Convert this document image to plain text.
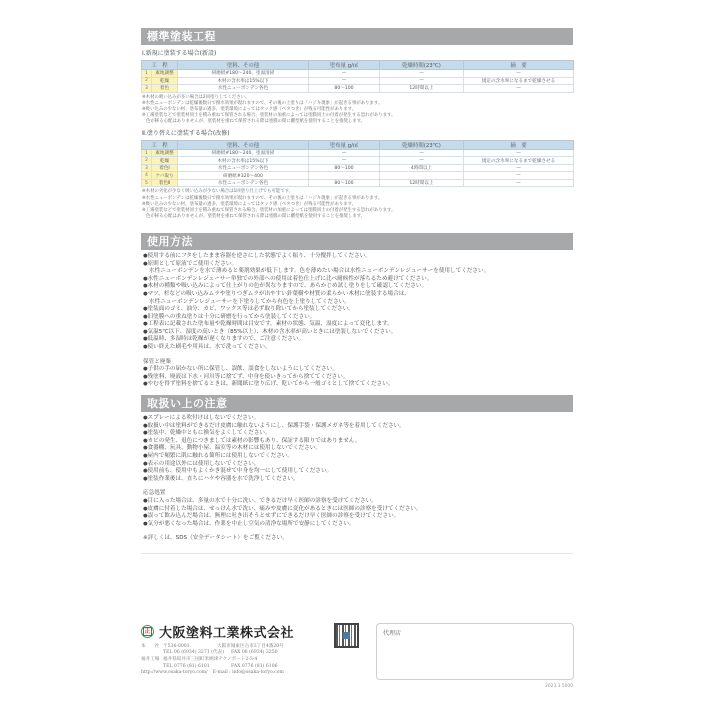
標準塗装工程
Ⅰ.新規に塗装する場合(新設)
工　程		塗料、その他	塗布量 g/㎡	乾燥時間(23℃)	摘　要
1	素地調整	研磨紙#180～240、塗面清掃	—	—	—
2	乾燥	木材の含水率は15%以下	—	—	規定の含水率になるまで乾燥させる
3	着色	水性ニューボンデン各色	80～100	12時間以上	—
※木材の吸い込みが多い場合は2回塗りしてください。
※水性ニューボンデンは乾燥後数日で撥水効果が現れますので、その後の上塗りは「ハジキ現象」が起きる事があります。
※吸い込みの少ない材、塗布量の過多、塗装環境によってはタック感（ベタつき）が残る可能性があります。
※工場塗装などで塗装材同士を積み重ねて保管される場合、塗装材の加重によっては塗膜同士の付着が発生する恐れがあります。
色が移る心配はありませんが、塗装材を重ねて保管される際は塗膜の間に離型紙を使用することを推奨します。
Ⅱ.塗り替えに塗装する場合(改修)
工　程		塗料、その他	塗布量 g/㎡	乾燥時間(23℃)	摘　要
1	素地調整	研磨紙#180～240、塗面清掃	—	—	—
2	乾燥	木材の含水率は15%以下	—	—	規定の含水率になるまで乾燥させる
3	着色Ⅰ	水性ニューボンデン各色	80～100	4時間以上	—
4	ケバ取り	研磨紙#320～400			—
5	着色Ⅱ	水性ニューボンデン各色	80～100	12時間以上	—
※木材の劣化が少なく吸い込みが少ない場合は1回塗り仕上げでも可能です。
※水性ニューボンデンは乾燥後数日で撥水効果が現れますので、その後の上塗りは「ハジキ現象」が起きる事があります。
※吸い込みの少ない材、塗布量の過多、塗装環境によってはタック感（ベタつき）が残る可能性があります。
※工場塗装などで塗装材同士を積み重ねて保管される場合、塗装材の加重によっては塗膜同士の付着が発生する恐れがあります。
色が移る心配はありませんが、塗装材を重ねて保管される際は塗膜の間に離型紙を使用することを推奨します。
使用方法
● 使用する前にフタをしたまま容器を逆さにした状態でよく振り、十分攪拌してください。
● 原則として原液でご使用ください。
水性ニューボンデンを水で薄めると薬剤効果が低下します。色を薄めたい場合は水性ニューボンデンレジューサーを使用してください。
● 水性ニューボンデンレジューサー単独での外部への使用は着色仕上げに比べ耐候性が落ちるため避けてください。
● 木材の種類や吸い込みによって仕上がりの色が異なりますので、あらかじめ試し塗りをして確認してください。
● マツ、杉などの吸い込みムラや塗りつぎムラが出やすい針葉樹や材質の柔らかい木材に塗装する場合は、
水性ニューボンデンレジューサーを下塗りしてから有色を上塗りしてください。
● 塗装面のゴミ、油分、カビ、ワックス等は必ず取り除いてから塗装してください。
● 旧塗膜への重ね塗りは十分に研磨を行ってから塗装してください。
● 工程表に記載された塗布量や乾燥時間は目安です。素材の状態、気温、湿度によって変化します。
● 気温5℃以下、湿度の高いとき（85%以上）、木材の含水率が高いときには塗装しないでください。
● 低温時、多湿時は乾燥が遅くなりますので、ご注意ください。
● 使い終えた刷毛や用具は、水で洗ってください。
保管と廃棄
● 子供の手の届かない所に保管し、誤飲、誤食をしないようにしてください。
● 残塗料、廃液は下水・河川等に捨てず、中身を使いきってから捨ててください。
● やむを得ず塗料を捨てるときは、新聞紙に塗り広げ、乾いてから一般ゴミとして捨ててください。
取扱い上の注意
● スプレーによる吹付けはしないでください。
● 取扱い中は塗料ができるだけ皮膚に触れないようにし、保護手袋・保護メガネ等を着用してください。
● 塗装中、乾燥中ともに換気をよくしてください。
● カビの発生、退色につきましては素材の影響もあり、保証する限りではありません。
● 食器棚、玩具、動物小屋、温室等の木材には使用しないでください。
● 屋内で頻繁に肌に触れる箇所には使用しないでください。
● 表示の用途以外には使用しないでください。
● 使用前も、使用中もよくかき混ぜて中身を均一にして使用してください。
● 塗装作業後は、直ちにハケや容器を水で洗浄してください。
応急処置
● 目に入った場合は、多量の水で十分に洗い、できるだけ早く医師の診察を受けてください。
● 皮膚に付着した場合は、せっけん水で洗い、痛みや皮膚に変化があるときには医師の診察を受けてください。
● 誤って飲み込んだ場合は、無理に吐き出そうとせずにできるだけ早く医師の診察を受けてください。
● 気分が悪くなった場合は、作業を中止し空気の清浄な場所で安静にしてください。
※詳しくは、SDS（安全データシート）をご覧ください。
正 大阪塗料工業株式会社
本　　社 〒536-0001	大阪市城東区古市3丁目4番20号
TEL 06 (6934) 3271 (代表)	FAX 06 (6934) 3250
福井工場 福井県坂井市三国町米納津テクノポート2-3-4
TEL 0776 (81) 6101	FAX 0776 (81) 6106
http://www.osaka-toryo.com/ E-mail : info@osaka-toryo.com
代理店
2023.3.5000
